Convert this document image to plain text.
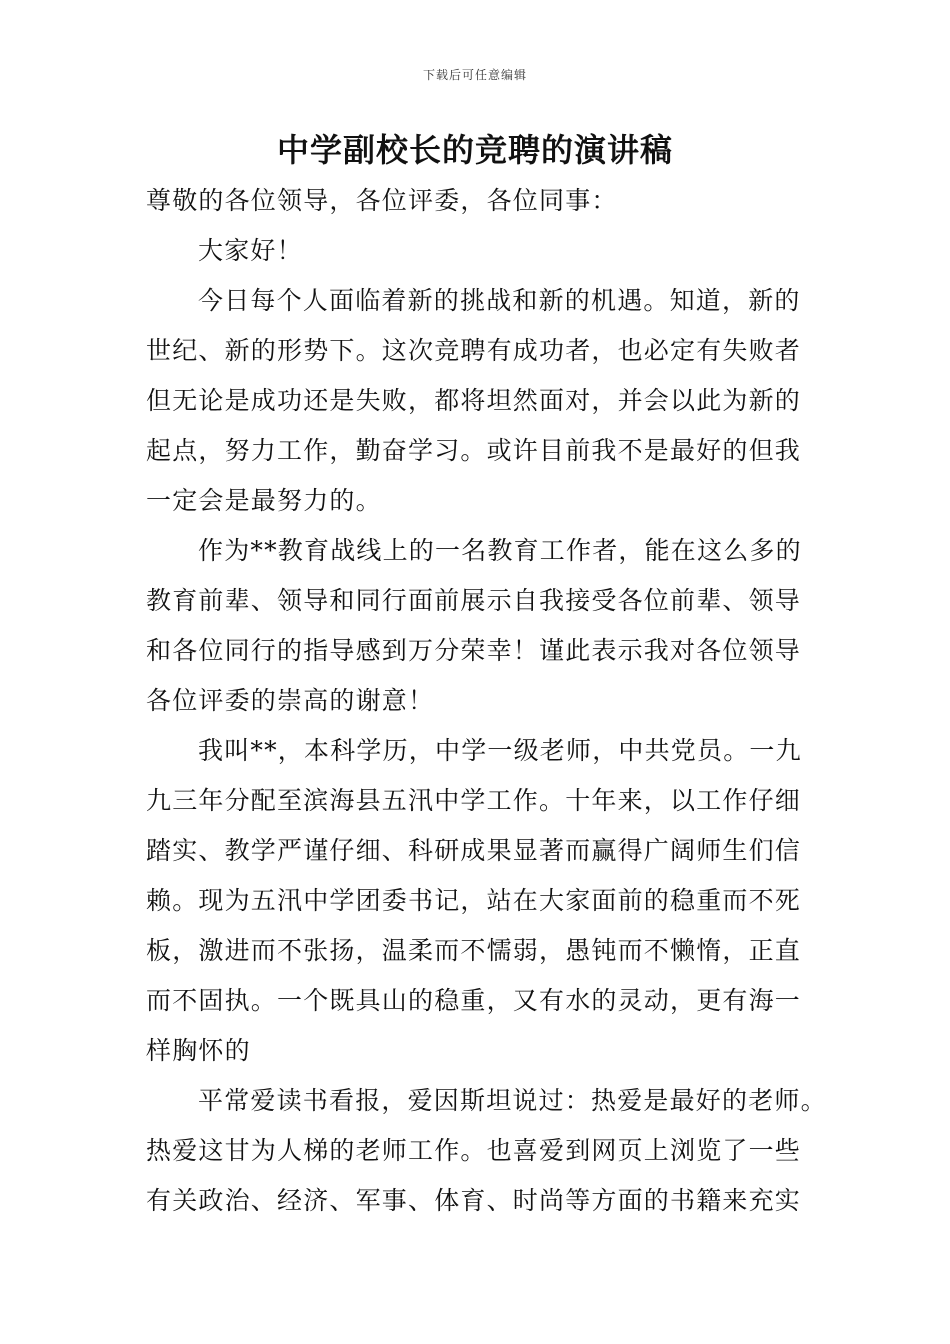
下载后可任意编辑
中学副校长的竞聘的演讲稿
尊敬的各位领导，各位评委，各位同事：
大家好！
今日每个人面临着新的挑战和新的机遇。知道，新的
世纪、新的形势下。这次竞聘有成功者，也必定有失败者
但无论是成功还是失败，都将坦然面对，并会以此为新的
起点，努力工作，勤奋学习。或许目前我不是最好的但我
一定会是最努力的。
作为**教育战线上的一名教育工作者，能在这么多的
教育前辈、领导和同行面前展示自我接受各位前辈、领导
和各位同行的指导感到万分荣幸！谨此表示我对各位领导
各位评委的崇高的谢意！
我叫**，本科学历，中学一级老师，中共党员。一九
九三年分配至滨海县五汛中学工作。十年来，以工作仔细
踏实、教学严谨仔细、科研成果显著而赢得广阔师生们信
赖。现为五汛中学团委书记，站在大家面前的稳重而不死
板，激进而不张扬，温柔而不懦弱，愚钝而不懒惰，正直
而不固执。一个既具山的稳重，又有水的灵动，更有海一
样胸怀的
平常爱读书看报，爱因斯坦说过：热爱是最好的老师。
热爱这甘为人梯的老师工作。也喜爱到网页上浏览了一些
有关政治、经济、军事、体育、时尚等方面的书籍来充实
